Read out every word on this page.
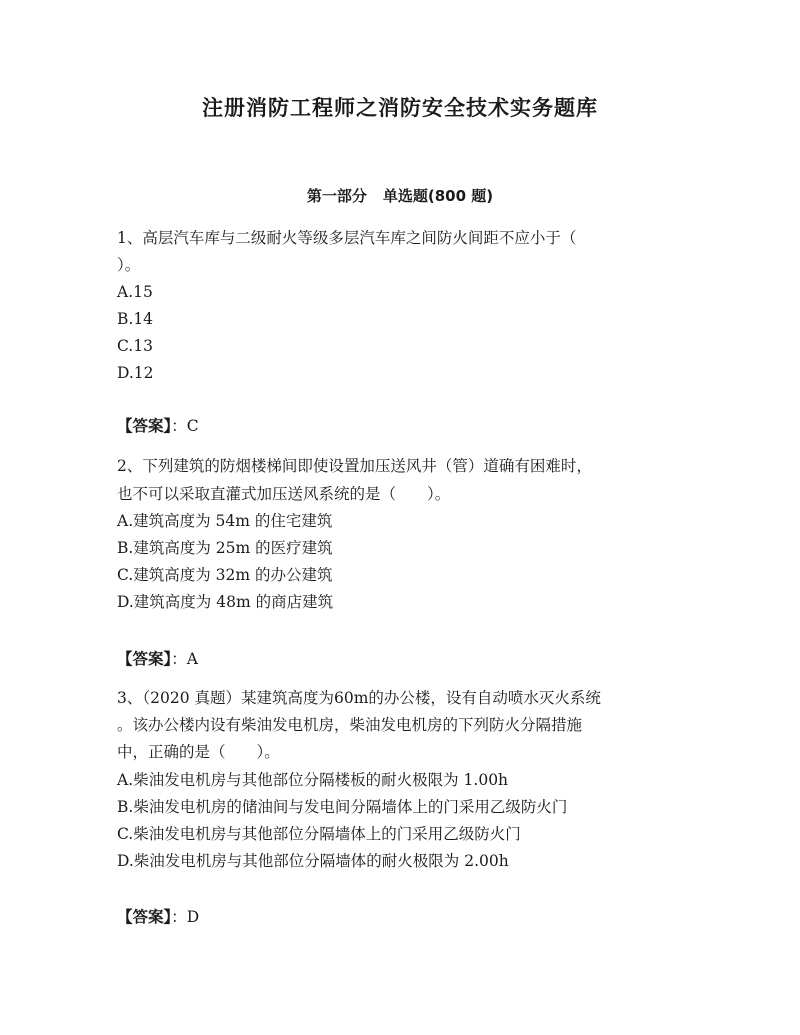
注册消防工程师之消防安全技术实务题库
第一部分 单选题(800 题)
1、高层汽车库与二级耐火等级多层汽车库之间防火间距不应小于（
）。
A.15
B.14
C.13
D.12
【答案】：C
2、下列建筑的防烟楼梯间即使设置加压送风井（管）道确有困难时，
也不可以采取直灌式加压送风系统的是（　　）。
A.建筑高度为 54m 的住宅建筑
B.建筑高度为 25m 的医疗建筑
C.建筑高度为 32m 的办公建筑
D.建筑高度为 48m 的商店建筑
【答案】：A
3、（2020 真题）某建筑高度为60m的办公楼，设有自动喷水灭火系统
。该办公楼内设有柴油发电机房，柴油发电机房的下列防火分隔措施
中，正确的是（　　）。
A.柴油发电机房与其他部位分隔楼板的耐火极限为 1.00h
B.柴油发电机房的储油间与发电间分隔墙体上的门采用乙级防火门
C.柴油发电机房与其他部位分隔墙体上的门采用乙级防火门
D.柴油发电机房与其他部位分隔墙体的耐火极限为 2.00h
【答案】：D
